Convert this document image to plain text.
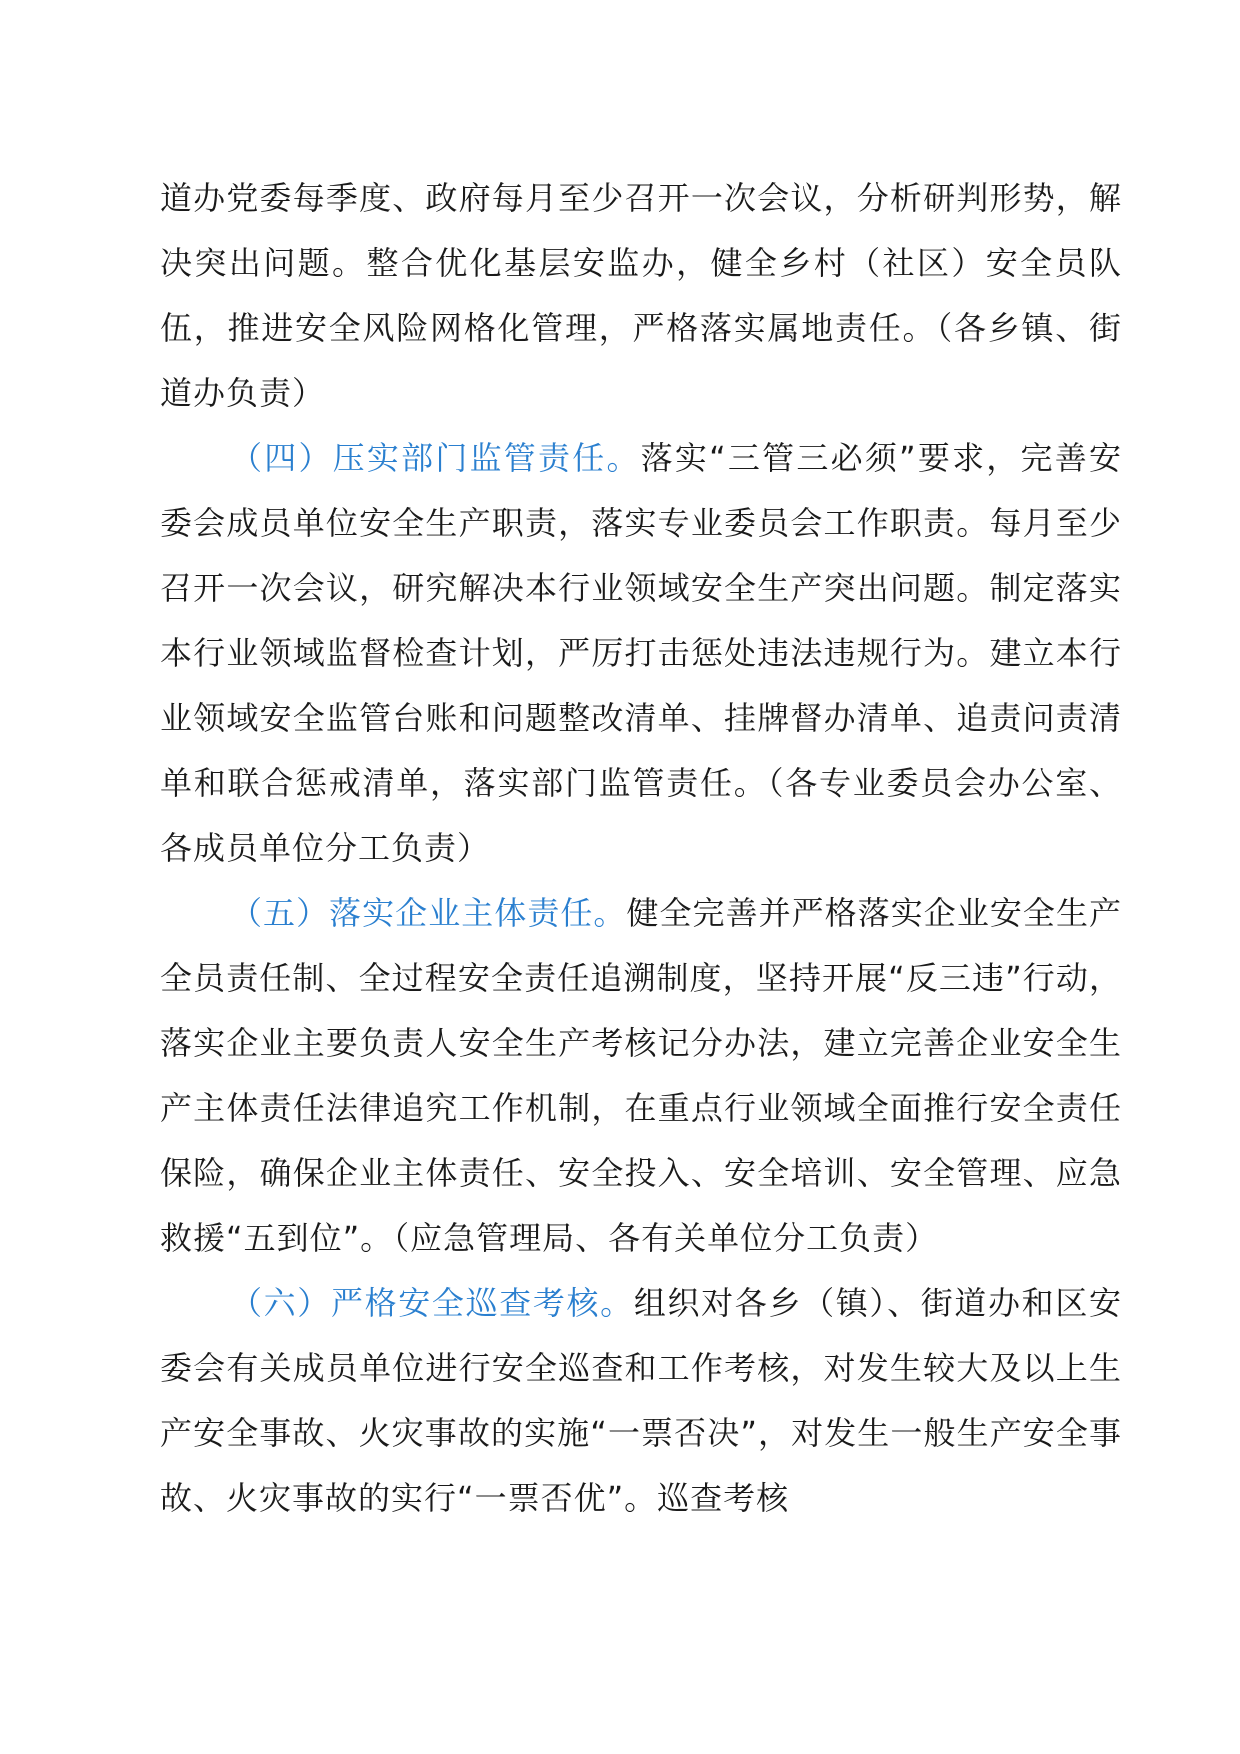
道办党委每季度、政府每月至少召开一次会议，分析研判形势，解决突出问题。整合优化基层安监办，健全乡村（社区）安全员队伍，推进安全风险网格化管理，严格落实属地责任。（各乡镇、街道办负责）

（四）压实部门监管责任。落实“三管三必须”要求，完善安委会成员单位安全生产职责，落实专业委员会工作职责。每月至少召开一次会议，研究解决本行业领域安全生产突出问题。制定落实本行业领域监督检查计划，严厉打击惩处违法违规行为。建立本行业领域安全监管台账和问题整改清单、挂牌督办清单、追责问责清单和联合惩戒清单，落实部门监管责任。（各专业委员会办公室、各成员单位分工负责）

（五）落实企业主体责任。健全完善并严格落实企业安全生产全员责任制、全过程安全责任追溯制度，坚持开展“反三违”行动，落实企业主要负责人安全生产考核记分办法，建立完善企业安全生产主体责任法律追究工作机制，在重点行业领域全面推行安全责任保险，确保企业主体责任、安全投入、安全培训、安全管理、应急救援“五到位”。（应急管理局、各有关单位分工负责）

（六）严格安全巡查考核。组织对各乡（镇）、街道办和区安委会有关成员单位进行安全巡查和工作考核，对发生较大及以上生产安全事故、火灾事故的实施“一票否决”，对发生一般生产安全事故、火灾事故的实行“一票否优”。巡查考核
